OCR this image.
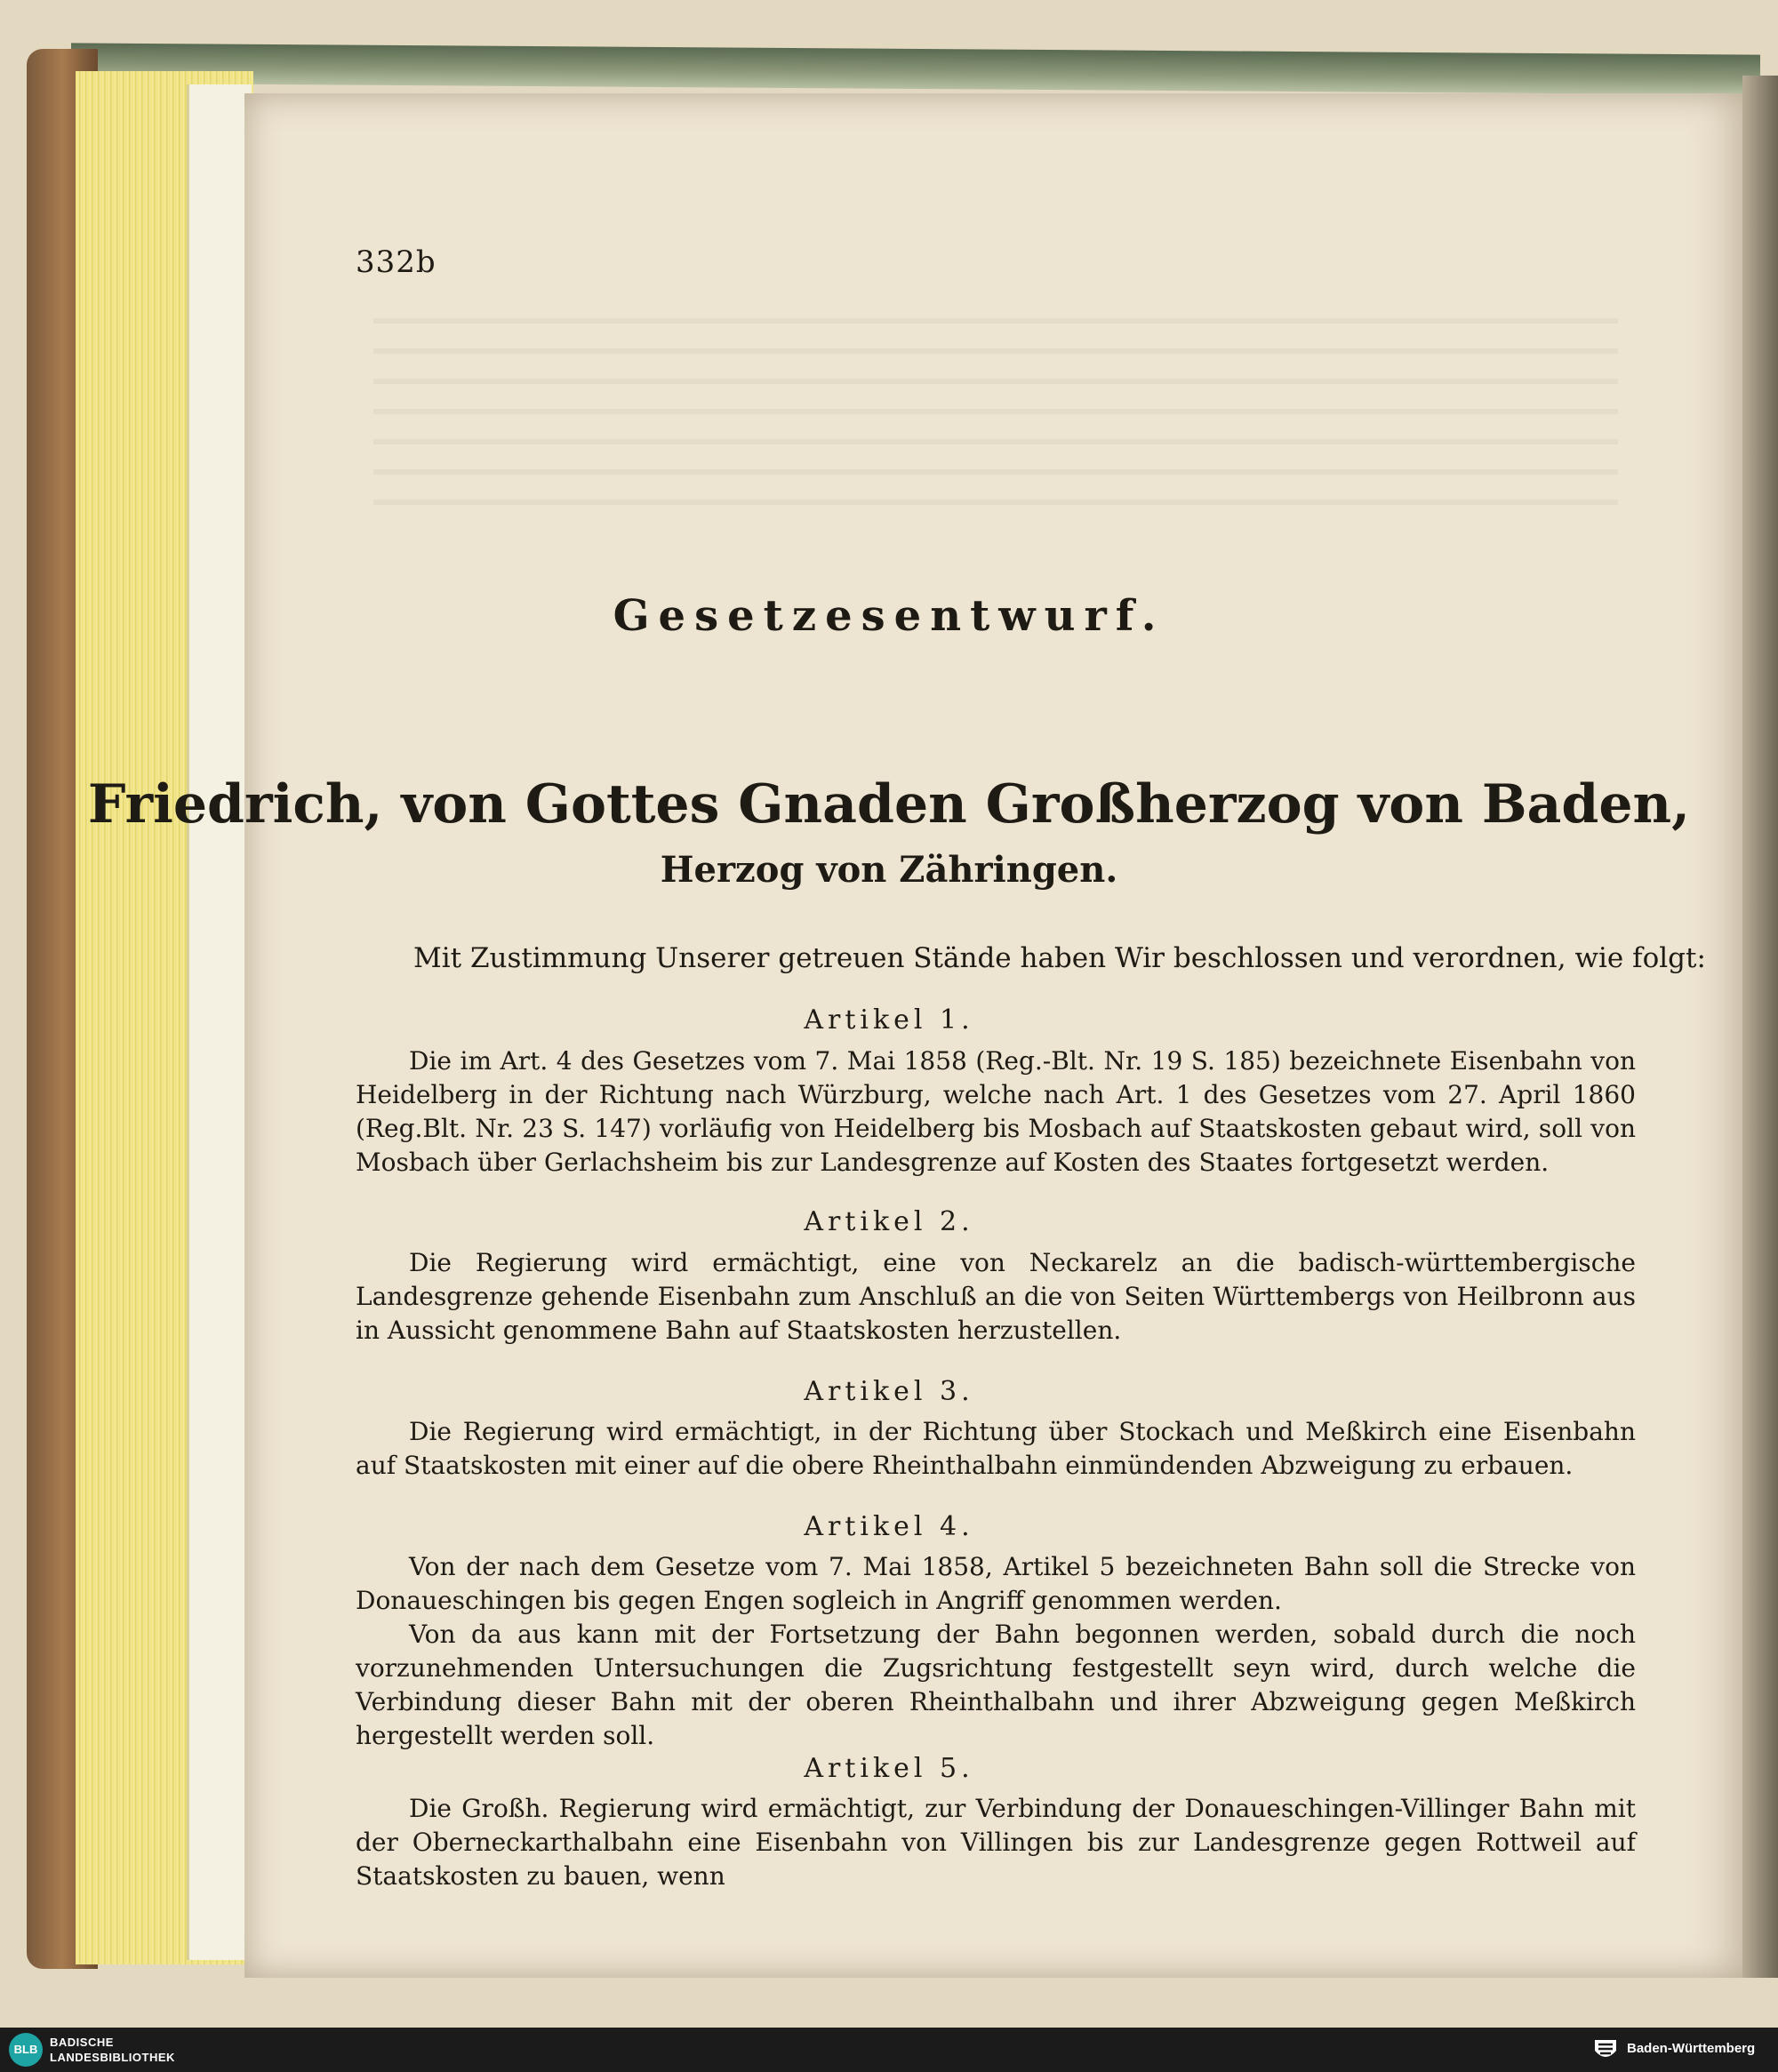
332b
Gesetzesentwurf.
Friedrich, von Gottes Gnaden Großherzog von Baden,
Herzog von Zähringen.
Mit Zustimmung Unserer getreuen Stände haben Wir beschlossen und verordnen, wie folgt:
Artikel 1.

Die im Art. 4 des Gesetzes vom 7. Mai 1858 (Reg.-Blt. Nr. 19 S. 185) bezeichnete Eisenbahn von Heidelberg in der Richtung nach Würzburg, welche nach Art. 1 des Gesetzes vom 27. April 1860 (Reg.Blt. Nr. 23 S. 147) vorläufig von Heidelberg bis Mosbach auf Staatskosten gebaut wird, soll von Mosbach über Gerlachsheim bis zur Landesgrenze auf Kosten des Staates fortgesetzt werden.

Artikel 2.

Die Regierung wird ermächtigt, eine von Neckarelz an die badisch-württembergische Landesgrenze gehende Eisenbahn zum Anschluß an die von Seiten Württembergs von Heilbronn aus in Aussicht genommene Bahn auf Staatskosten herzustellen.

Artikel 3.

Die Regierung wird ermächtigt, in der Richtung über Stockach und Meßkirch eine Eisenbahn auf Staatskosten mit einer auf die obere Rheinthalbahn einmündenden Abzweigung zu erbauen.

Artikel 4.

Von der nach dem Gesetze vom 7. Mai 1858, Artikel 5 bezeichneten Bahn soll die Strecke von Donaueschingen bis gegen Engen sogleich in Angriff genommen werden.

Von da aus kann mit der Fortsetzung der Bahn begonnen werden, sobald durch die noch vorzunehmenden Untersuchungen die Zugsrichtung festgestellt seyn wird, durch welche die Verbindung dieser Bahn mit der oberen Rheinthalbahn und ihrer Abzweigung gegen Meßkirch hergestellt werden soll.

Artikel 5.

Die Großh. Regierung wird ermächtigt, zur Verbindung der Donaueschingen-Villinger Bahn mit der Oberneckarthalbahn eine Eisenbahn von Villingen bis zur Landesgrenze gegen Rottweil auf Staatskosten zu bauen, wenn

BLB
BADISCHE
LANDESBIBLIOTHEK
Baden-Württemberg
